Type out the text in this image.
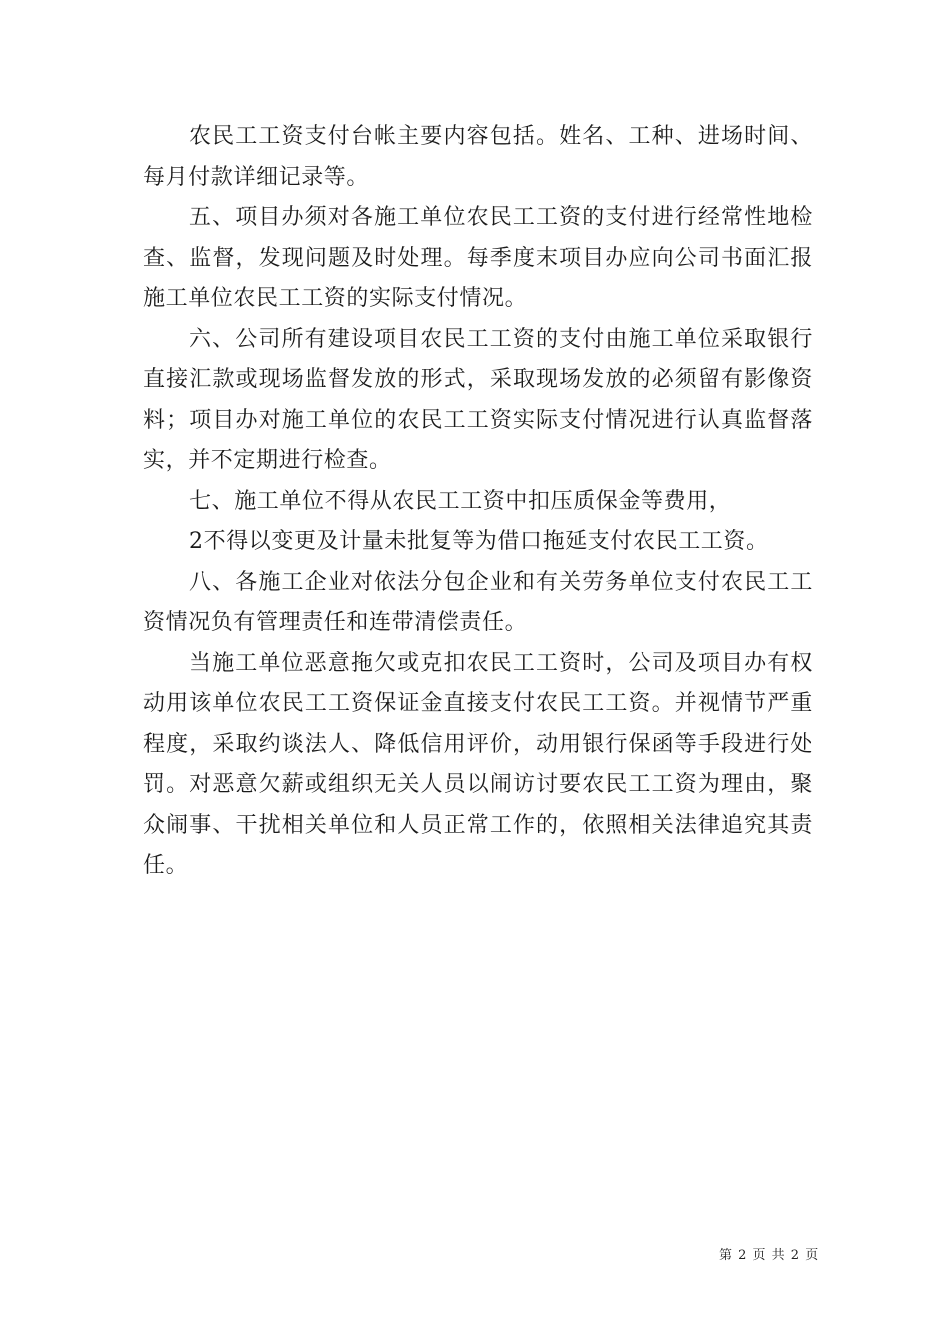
农民工工资支付台帐主要内容包括。姓名、工种、进场时间、每月付款详细记录等。

五、项目办须对各施工单位农民工工资的支付进行经常性地检查、监督，发现问题及时处理。每季度末项目办应向公司书面汇报施工单位农民工工资的实际支付情况。

六、公司所有建设项目农民工工资的支付由施工单位采取银行直接汇款或现场监督发放的形式，采取现场发放的必须留有影像资料；项目办对施工单位的农民工工资实际支付情况进行认真监督落实，并不定期进行检查。

七、施工单位不得从农民工工资中扣压质保金等费用，

2不得以变更及计量未批复等为借口拖延支付农民工工资。

八、各施工企业对依法分包企业和有关劳务单位支付农民工工资情况负有管理责任和连带清偿责任。

当施工单位恶意拖欠或克扣农民工工资时，公司及项目办有权动用该单位农民工工资保证金直接支付农民工工资。并视情节严重程度，采取约谈法人、降低信用评价，动用银行保函等手段进行处罚。对恶意欠薪或组织无关人员以闹访讨要农民工工资为理由，聚众闹事、干扰相关单位和人员正常工作的，依照相关法律追究其责任。

第 2 页 共 2 页
